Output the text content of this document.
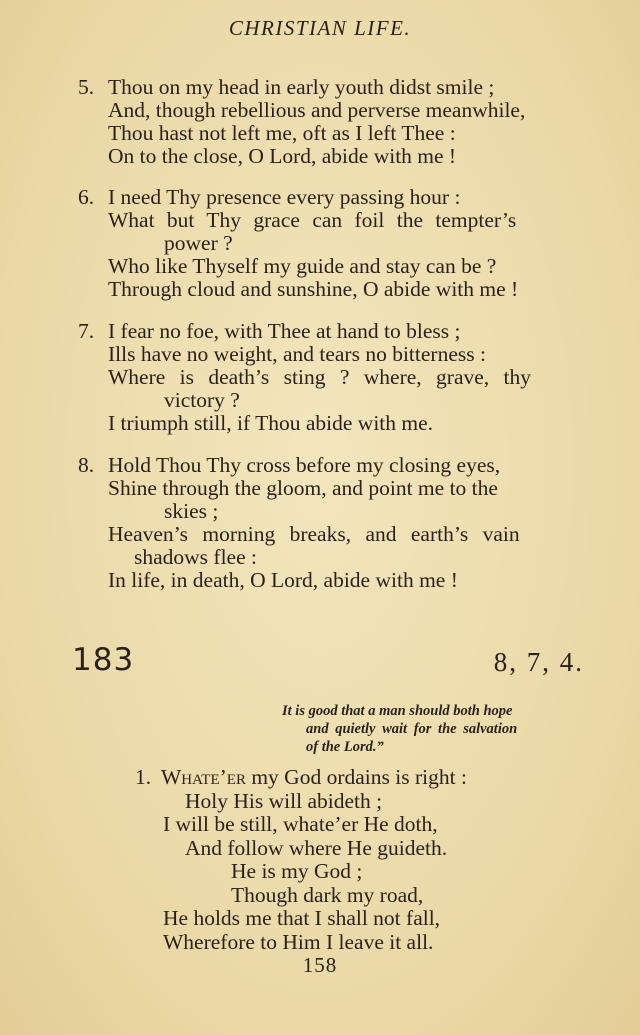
CHRISTIAN LIFE.
5. Thou on my head in early youth didst smile ;
And, though rebellious and perverse meanwhile,
Thou hast not left me, oft as I left Thee :
On to the close, O Lord, abide with me !
6. I need Thy presence every passing hour :
What but Thy grace can foil the tempter’s
power ?
Who like Thyself my guide and stay can be ?
Through cloud and sunshine, O abide with me !
7. I fear no foe, with Thee at hand to bless ;
Ills have no weight, and tears no bitterness :
Where is death’s sting ? where, grave, thy
victory ?
I triumph still, if Thou abide with me.
8. Hold Thou Thy cross before my closing eyes,
Shine through the gloom, and point me to the
skies ;
Heaven’s morning breaks, and earth’s vain
shadows flee :
In life, in death, O Lord, abide with me !
183	8, 7, 4.
It is good that a man should both hope
and quietly wait for the salvation
of the Lord.”
1. Whate’er my God ordains is right :
Holy His will abideth ;
I will be still, whate’er He doth,
And follow where He guideth.
He is my God ;
Though dark my road,
He holds me that I shall not fall,
Wherefore to Him I leave it all.
158
